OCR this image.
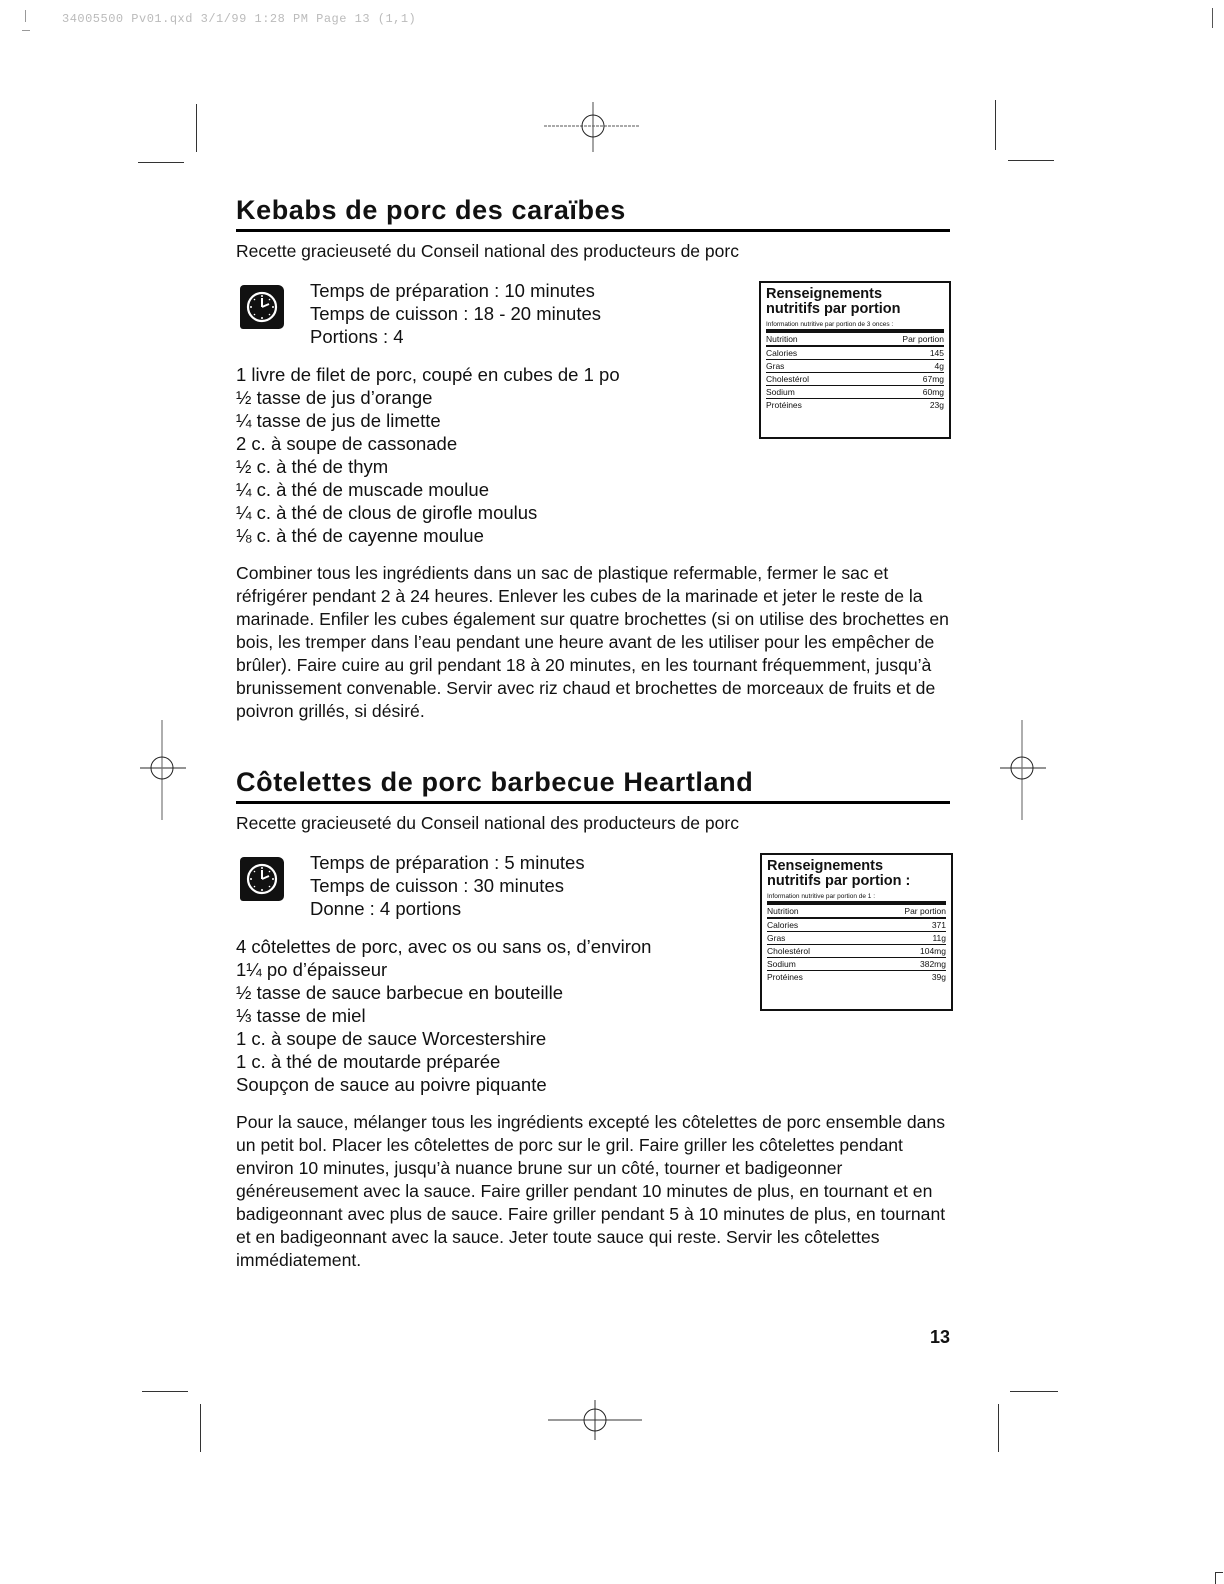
34005500 Pv01.qxd 3/1/99 1:28 PM Page 13 (1,1)
Kebabs de porc des caraïbes
Recette gracieuseté du Conseil national des producteurs de porc
Temps de préparation : 10 minutes
Temps de cuisson : 18 - 20 minutes
Portions : 4
1 livre de filet de porc, coupé en cubes de 1 po
½ tasse de jus d’orange
¼ tasse de jus de limette
2 c. à soupe de cassonade
½ c. à thé de thym
¼ c. à thé de muscade moulue
¼ c. à thé de clous de girofle moulus
⅛ c. à thé de cayenne moulue

Combiner tous les ingrédients dans un sac de plastique refermable, fermer le sac et réfrigérer pendant 2 à 24 heures. Enlever les cubes de la marinade et jeter le reste de la marinade. Enfiler les cubes également sur quatre brochettes (si on utilise des brochettes en bois, les tremper dans l’eau pendant une heure avant de les utiliser pour les empêcher de brûler). Faire cuire au gril pendant 18 à 20 minutes, en les tournant fréquemment, jusqu’à brunissement convenable. Servir avec riz chaud et brochettes de morceaux de fruits et de poivron grillés, si désiré.

Renseignements
nutritifs par portion
Information nutritive par portion de 3 onces :
Nutrition	Par portion
Calories	145
Gras	4g
Cholestérol	67mg
Sodium	60mg
Protéines	23g
Côtelettes de porc barbecue Heartland
Recette gracieuseté du Conseil national des producteurs de porc
Temps de préparation : 5 minutes
Temps de cuisson : 30 minutes
Donne : 4 portions
4 côtelettes de porc, avec os ou sans os, d’environ
1¼ po d’épaisseur
½ tasse de sauce barbecue en bouteille
⅓ tasse de miel
1 c. à soupe de sauce Worcestershire
1 c. à thé de moutarde préparée
Soupçon de sauce au poivre piquante

Pour la sauce, mélanger tous les ingrédients excepté les côtelettes de porc ensemble dans un petit bol. Placer les côtelettes de porc sur le gril. Faire griller les côtelettes pendant environ 10 minutes, jusqu’à nuance brune sur un côté, tourner et badigeonner généreusement avec la sauce. Faire griller pendant 10 minutes de plus, en tournant et en badigeonnant avec plus de sauce. Faire griller pendant 5 à 10 minutes de plus, en tournant et en badigeonnant avec la sauce. Jeter toute sauce qui reste. Servir les côtelettes immédiatement.

Renseignements
nutritifs par portion :
Information nutritive par portion de 1 :
Nutrition	Par portion
Calories	371
Gras	11g
Cholestérol	104mg
Sodium	382mg
Protéines	39g
13
